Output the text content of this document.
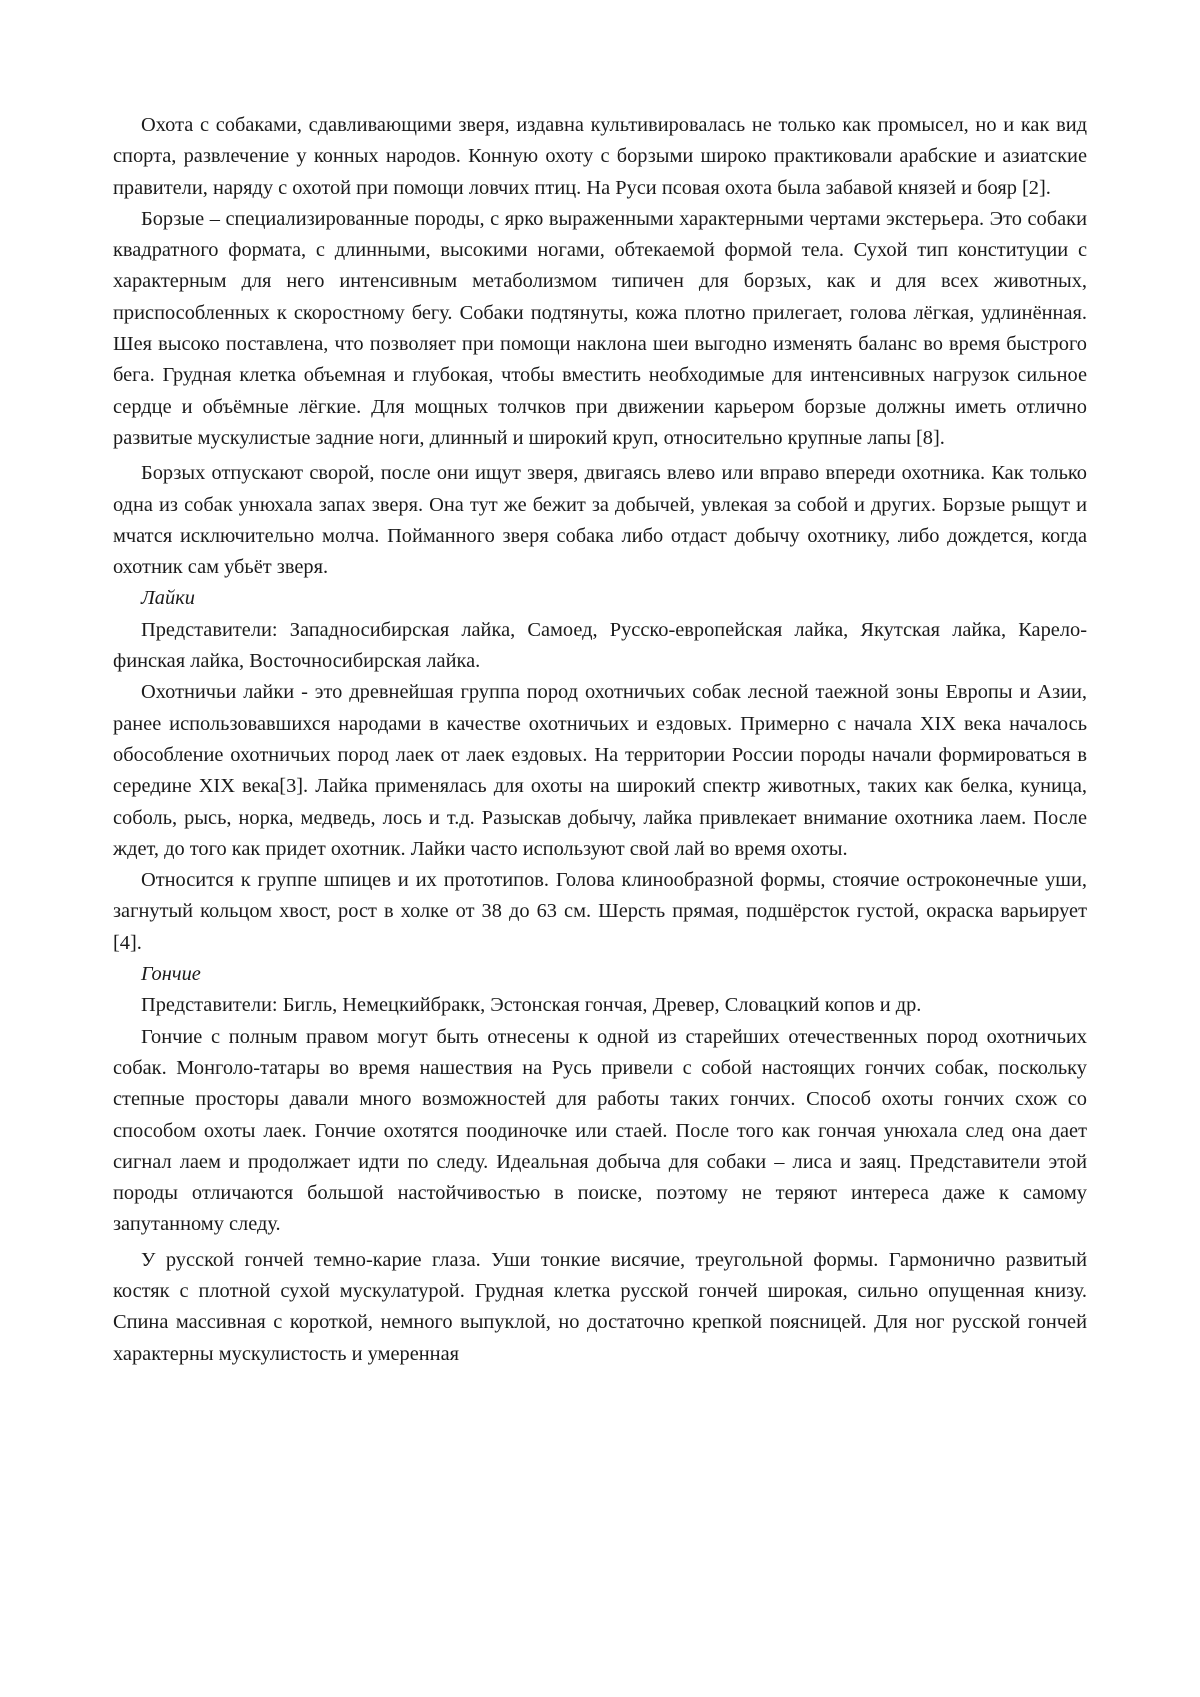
Охота с собаками, сдавливающими зверя, издавна культивировалась не только как промысел, но и как вид спорта, развлечение у конных народов. Конную охоту с борзыми широко практиковали арабские и азиатские правители, наряду с охотой при помощи ловчих птиц. На Руси псовая охота была забавой князей и бояр [2].

Борзые – специализированные породы, с ярко выраженными характерными чертами экстерьера. Это собаки квадратного формата, с длинными, высокими ногами, обтекаемой формой тела. Сухой тип конституции с характерным для него интенсивным метаболизмом типичен для борзых, как и для всех животных, приспособленных к скоростному бегу. Собаки подтянуты, кожа плотно прилегает, голова лёгкая, удлинённая. Шея высоко поставлена, что позволяет при помощи наклона шеи выгодно изменять баланс во время быстрого бега. Грудная клетка объемная и глубокая, чтобы вместить необходимые для интенсивных нагрузок сильное сердце и объёмные лёгкие. Для мощных толчков при движении карьером борзые должны иметь отлично развитые мускулистые задние ноги, длинный и широкий круп, относительно крупные лапы [8].

Борзых отпускают сворой, после они ищут зверя, двигаясь влево или вправо впереди охотника. Как только одна из собак унюхала запах зверя. Она тут же бежит за добычей, увлекая за собой и других. Борзые рыщут и мчатся исключительно молча. Пойманного зверя собака либо отдаст добычу охотнику, либо дождется, когда охотник сам убьёт зверя.

Лайки

Представители: Западносибирская лайка, Самоед, Русско-европейская лайка, Якутская лайка, Карело-финская лайка, Восточносибирская лайка.

Охотничьи лайки - это древнейшая группа пород охотничьих собак лесной таежной зоны Европы и Азии, ранее использовавшихся народами в качестве охотничьих и ездовых. Примерно с начала XIX века началось обособление охотничьих пород лаек от лаек ездовых. На территории России породы начали формироваться в середине XIX века[3]. Лайка применялась для охоты на широкий спектр животных, таких как белка, куница, соболь, рысь, норка, медведь, лось и т.д. Разыскав добычу, лайка привлекает внимание охотника лаем. После ждет, до того как придет охотник. Лайки часто используют свой лай во время охоты.

Относится к группе шпицев и их прототипов. Голова клинообразной формы, стоячие остроконечные уши, загнутый кольцом хвост, рост в холке от 38 до 63 см. Шерсть прямая, подшёрсток густой, окраска варьирует [4].

Гончие

Представители: Бигль, Немецкийбракк, Эстонская гончая, Древер, Словацкий копов и др.

Гончие с полным правом могут быть отнесены к одной из старейших отечественных пород охотничьих собак. Монголо-татары во время нашествия на Русь привели с собой настоящих гончих собак, поскольку степные просторы давали много возможностей для работы таких гончих. Способ охоты гончих схож со способом охоты лаек. Гончие охотятся поодиночке или стаей. После того как гончая унюхала след она дает сигнал лаем и продолжает идти по следу. Идеальная добыча для собаки – лиса и заяц. Представители этой породы отличаются большой настойчивостью в поиске, поэтому не теряют интереса даже к самому запутанному следу.

У русской гончей темно-карие глаза. Уши тонкие висячие, треугольной формы. Гармонично развитый костяк с плотной сухой мускулатурой. Грудная клетка русской гончей широкая, сильно опущенная книзу. Спина массивная с короткой, немного выпуклой, но достаточно крепкой поясницей. Для ног русской гончей характерны мускулистость и умеренная
